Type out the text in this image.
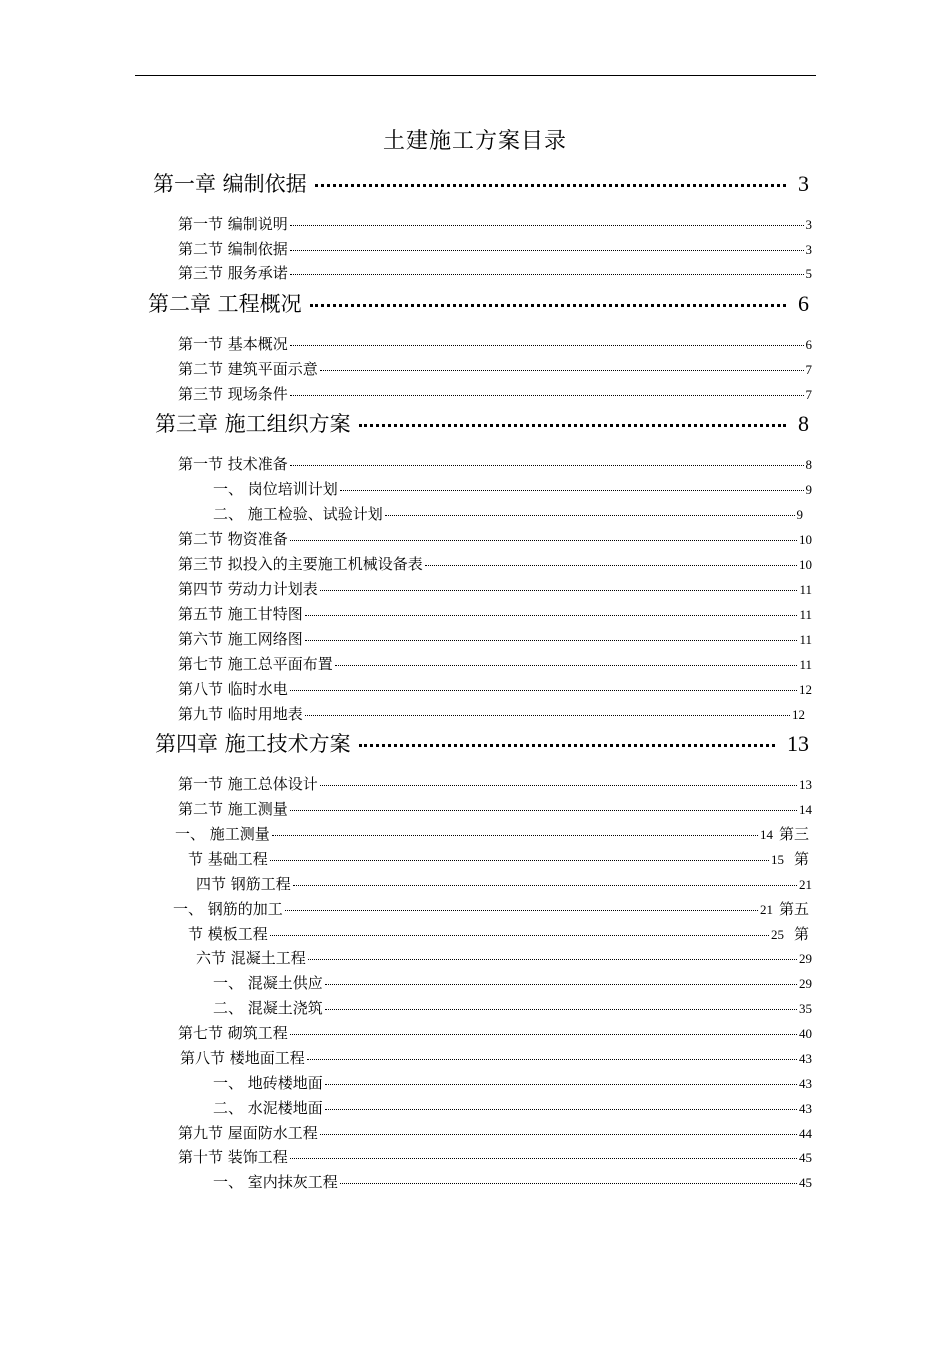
土建施工方案目录
第一章 编制依据	3
第一节 编制说明	3
第二节 编制依据	3
第三节 服务承诺	5
第二章 工程概况	6
第一节 基本概况	6
第二节 建筑平面示意	7
第三节 现场条件	7
第三章 施工组织方案	8
第一节 技术准备	8
一、 岗位培训计划	9
二、 施工检验、试验计划	9
第二节 物资准备	10
第三节 拟投入的主要施工机械设备表	10
第四节 劳动力计划表	11
第五节 施工甘特图	11
第六节 施工网络图	11
第七节 施工总平面布置	11
第八节 临时水电	12
第九节 临时用地表	12
第四章 施工技术方案	13
第一节 施工总体设计	13
第二节 施工测量	14
一、 施工测量	14 第三
节 基础工程	15 第
四节 钢筋工程	21
一、 钢筋的加工	21 第五
节 模板工程	25 第
六节 混凝土工程	29
一、 混凝土供应	29
二、 混凝土浇筑	35
第七节 砌筑工程	40
第八节 楼地面工程	43
一、 地砖楼地面	43
二、 水泥楼地面	43
第九节 屋面防水工程	44
第十节 装饰工程	45
一、 室内抹灰工程	45
